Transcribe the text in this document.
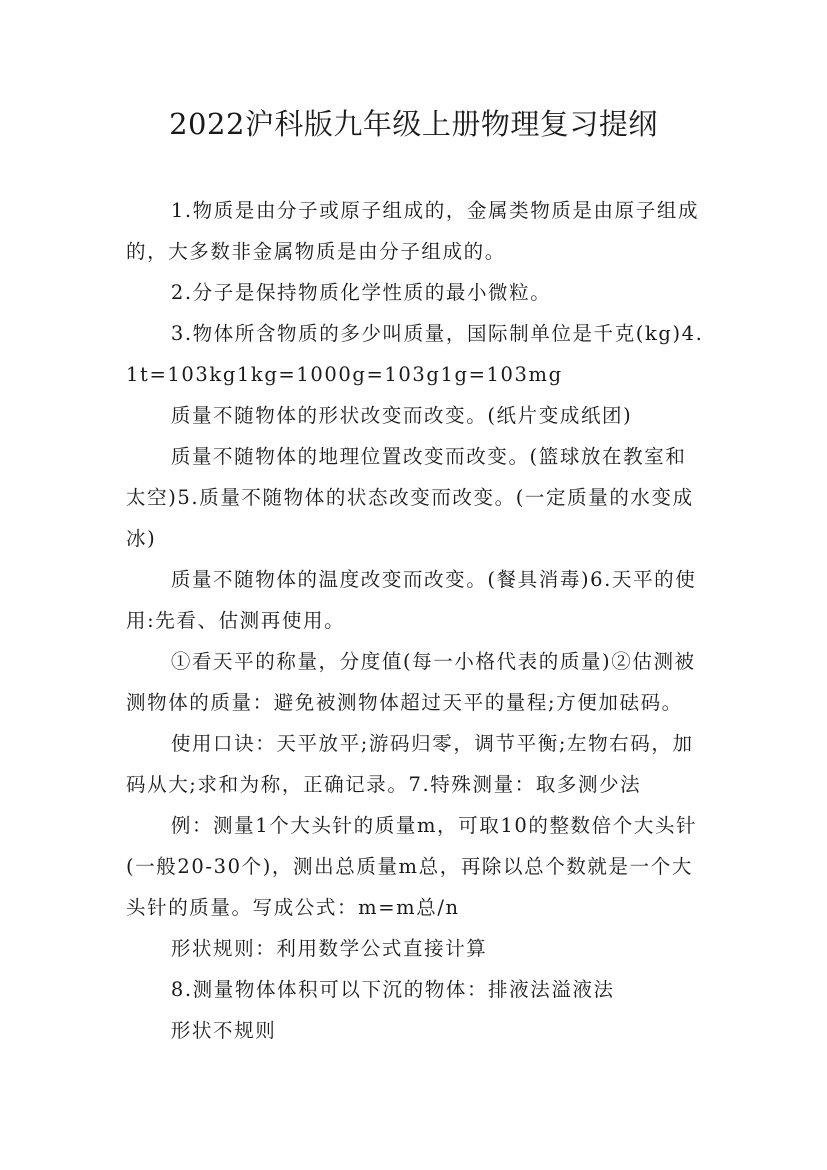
2022沪科版九年级上册物理复习提纲

1.物质是由分子或原子组成的，金属类物质是由原子组成的，大多数非金属物质是由分子组成的。

2.分子是保持物质化学性质的最小微粒。

3.物体所含物质的多少叫质量，国际制单位是千克(kg)4.1t=103kg1kg=1000g=103g1g=103mg

质量不随物体的形状改变而改变。(纸片变成纸团)

质量不随物体的地理位置改变而改变。(篮球放在教室和太空)5.质量不随物体的状态改变而改变。(一定质量的水变成冰)

质量不随物体的温度改变而改变。(餐具消毒)6.天平的使用:先看、估测再使用。

①看天平的称量，分度值(每一小格代表的质量)②估测被测物体的质量：避免被测物体超过天平的量程;方便加砝码。

使用口诀：天平放平;游码归零，调节平衡;左物右码，加码从大;求和为称，正确记录。7.特殊测量：取多测少法

例：测量1个大头针的质量m，可取10的整数倍个大头针(一般20-30个)，测出总质量m总，再除以总个数就是一个大头针的质量。写成公式：m=m总/n

形状规则：利用数学公式直接计算

8.测量物体体积可以下沉的物体：排液法溢液法

形状不规则
